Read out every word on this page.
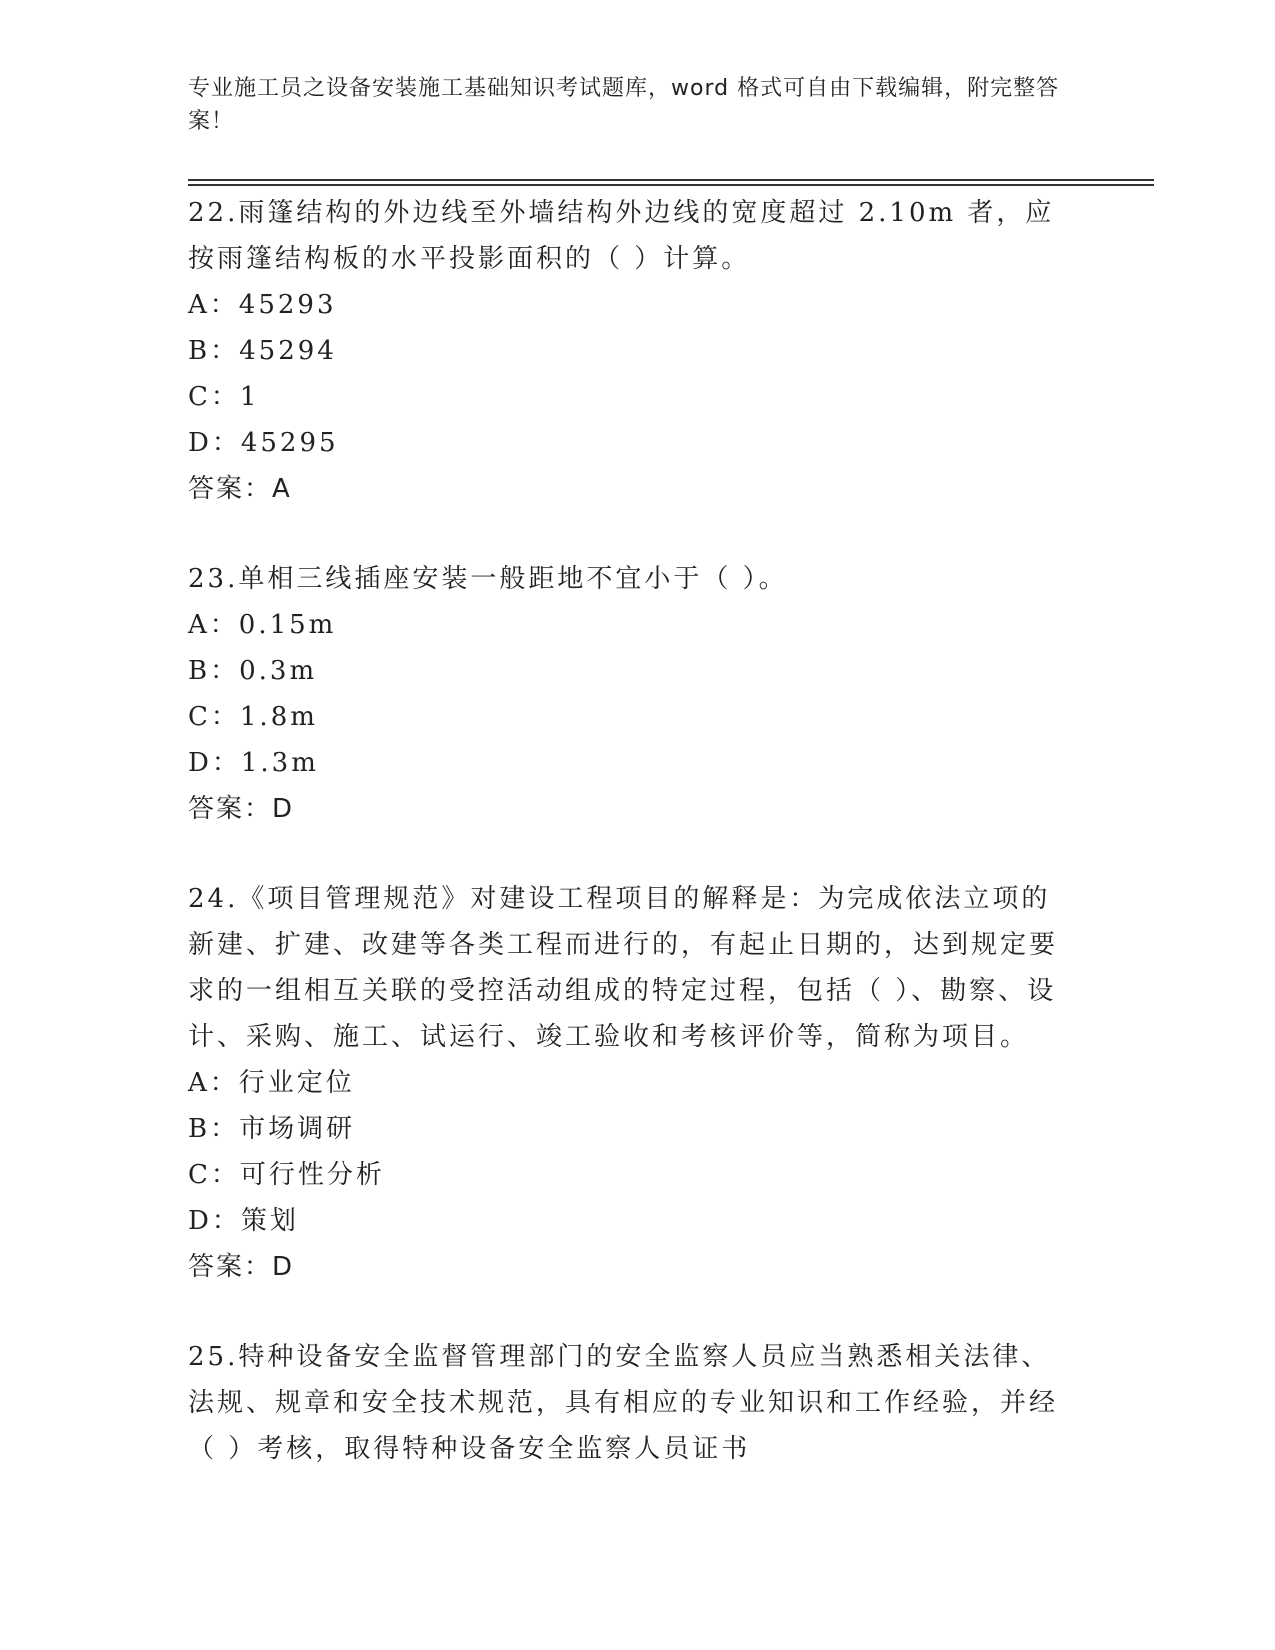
专业施工员之设备安装施工基础知识考试题库，word 格式可自由下载编辑，附完整答案！
22.雨篷结构的外边线至外墙结构外边线的宽度超过 2.10m 者，应按雨篷结构板的水平投影面积的（ ）计算。
A：45293
B：45294
C：1
D：45295
答案：A
23.单相三线插座安装一般距地不宜小于（ ）。
A：0.15m
B：0.3m
C：1.8m
D：1.3m
答案：D
24.《项目管理规范》对建设工程项目的解释是：为完成依法立项的新建、扩建、改建等各类工程而进行的，有起止日期的，达到规定要求的一组相互关联的受控活动组成的特定过程，包括（ ）、勘察、设计、采购、施工、试运行、竣工验收和考核评价等，简称为项目。
A：行业定位
B：市场调研
C：可行性分析
D：策划
答案：D
25.特种设备安全监督管理部门的安全监察人员应当熟悉相关法律、法规、规章和安全技术规范，具有相应的专业知识和工作经验，并经（ ）考核，取得特种设备安全监察人员证书
